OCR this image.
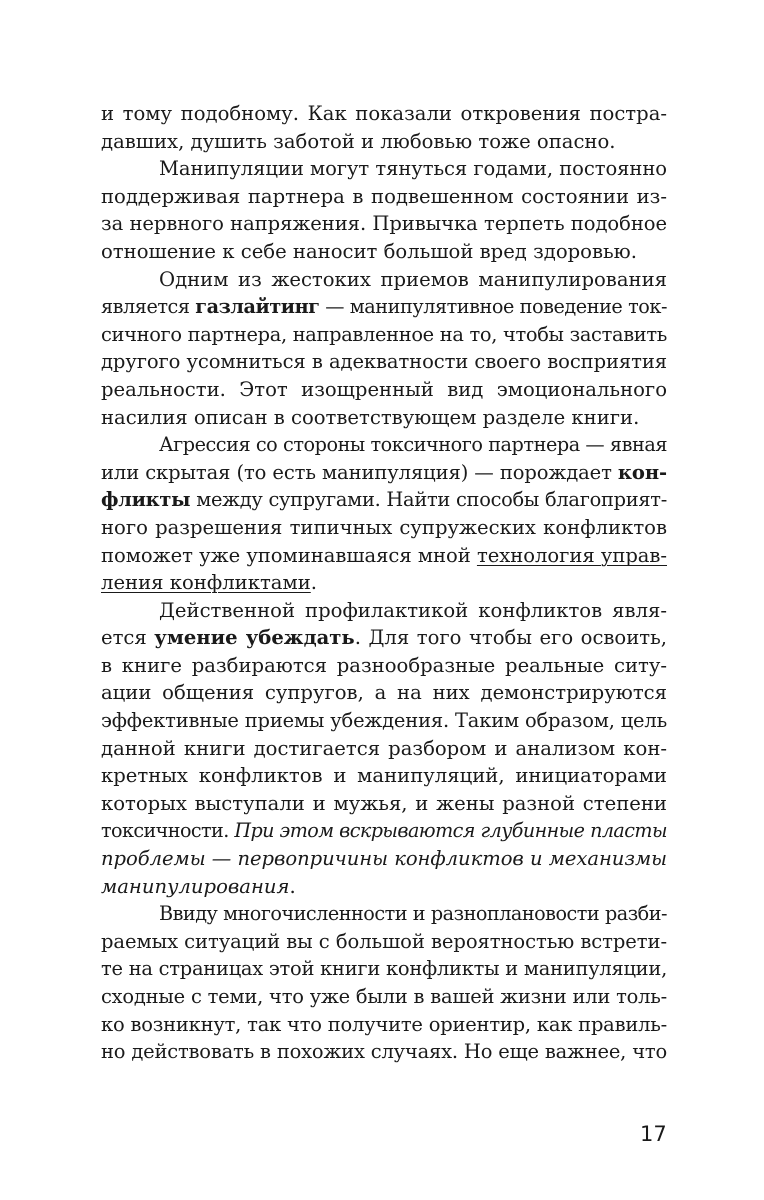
и тому подобному. Как показали откровения постра-
давших, душить заботой и любовью тоже опасно.
Манипуляции могут тянуться годами, постоянно
поддерживая партнера в подвешенном состоянии из-
за нервного напряжения. Привычка терпеть подобное
отношение к себе наносит большой вред здоровью.
Одним из жестоких приемов манипулирования
является газлайтинг — манипулятивное поведение ток-
сичного партнера, направленное на то, чтобы заставить
другого усомниться в адекватности своего восприятия
реальности. Этот изощренный вид эмоционального
насилия описан в соответствующем разделе книги.
Агрессия со стороны токсичного партнера — явная
или скрытая (то есть манипуляция) — порождает кон-
фликты между супругами. Найти способы благоприят-
ного разрешения типичных супружеских конфликтов
поможет уже упоминавшаяся мной технология управ-
ления конфликтами.
Действенной профилактикой конфликтов явля-
ется умение убеждать. Для того чтобы его освоить,
в книге разбираются разнообразные реальные ситу-
ации общения супругов, а на них демонстрируются
эффективные приемы убеждения. Таким образом, цель
данной книги достигается разбором и анализом кон-
кретных конфликтов и манипуляций, инициаторами
которых выступали и мужья, и жены разной степени
токсичности. При этом вскрываются глубинные пласты
проблемы — первопричины конфликтов и механизмы
манипулирования.
Ввиду многочисленности и разноплановости разби-
раемых ситуаций вы с большой вероятностью встрети-
те на страницах этой книги конфликты и манипуляции,
сходные с теми, что уже были в вашей жизни или толь-
ко возникнут, так что получите ориентир, как правиль-
но действовать в похожих случаях. Но еще важнее, что
17
